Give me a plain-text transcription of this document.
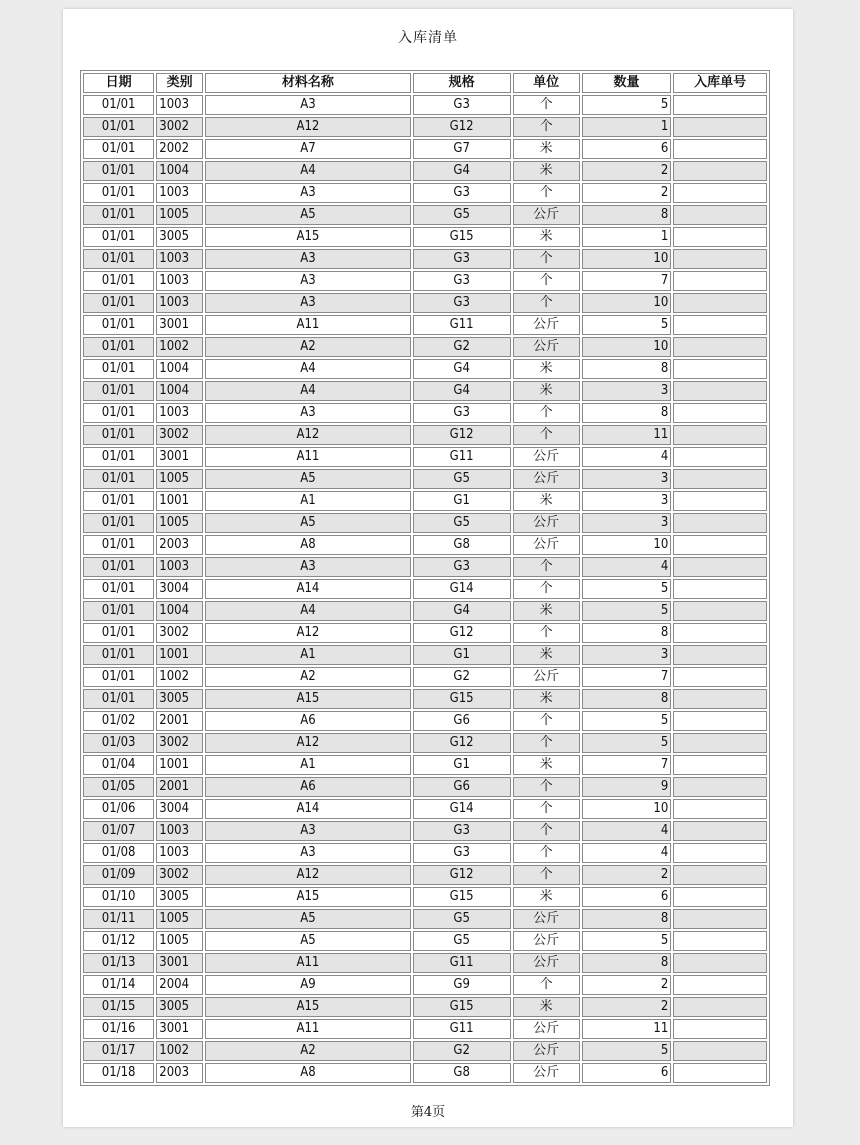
入库清单
日期	类别	材料名称	规格	单位	数量	入库单号
01/01	1003	A3	G3	个	5	
01/01	3002	A12	G12	个	1	
01/01	2002	A7	G7	米	6	
01/01	1004	A4	G4	米	2	
01/01	1003	A3	G3	个	2	
01/01	1005	A5	G5	公斤	8	
01/01	3005	A15	G15	米	1	
01/01	1003	A3	G3	个	10	
01/01	1003	A3	G3	个	7	
01/01	1003	A3	G3	个	10	
01/01	3001	A11	G11	公斤	5	
01/01	1002	A2	G2	公斤	10	
01/01	1004	A4	G4	米	8	
01/01	1004	A4	G4	米	3	
01/01	1003	A3	G3	个	8	
01/01	3002	A12	G12	个	11	
01/01	3001	A11	G11	公斤	4	
01/01	1005	A5	G5	公斤	3	
01/01	1001	A1	G1	米	3	
01/01	1005	A5	G5	公斤	3	
01/01	2003	A8	G8	公斤	10	
01/01	1003	A3	G3	个	4	
01/01	3004	A14	G14	个	5	
01/01	1004	A4	G4	米	5	
01/01	3002	A12	G12	个	8	
01/01	1001	A1	G1	米	3	
01/01	1002	A2	G2	公斤	7	
01/01	3005	A15	G15	米	8	
01/02	2001	A6	G6	个	5	
01/03	3002	A12	G12	个	5	
01/04	1001	A1	G1	米	7	
01/05	2001	A6	G6	个	9	
01/06	3004	A14	G14	个	10	
01/07	1003	A3	G3	个	4	
01/08	1003	A3	G3	个	4	
01/09	3002	A12	G12	个	2	
01/10	3005	A15	G15	米	6	
01/11	1005	A5	G5	公斤	8	
01/12	1005	A5	G5	公斤	5	
01/13	3001	A11	G11	公斤	8	
01/14	2004	A9	G9	个	2	
01/15	3005	A15	G15	米	2	
01/16	3001	A11	G11	公斤	11	
01/17	1002	A2	G2	公斤	5	
01/18	2003	A8	G8	公斤	6	
第4页
